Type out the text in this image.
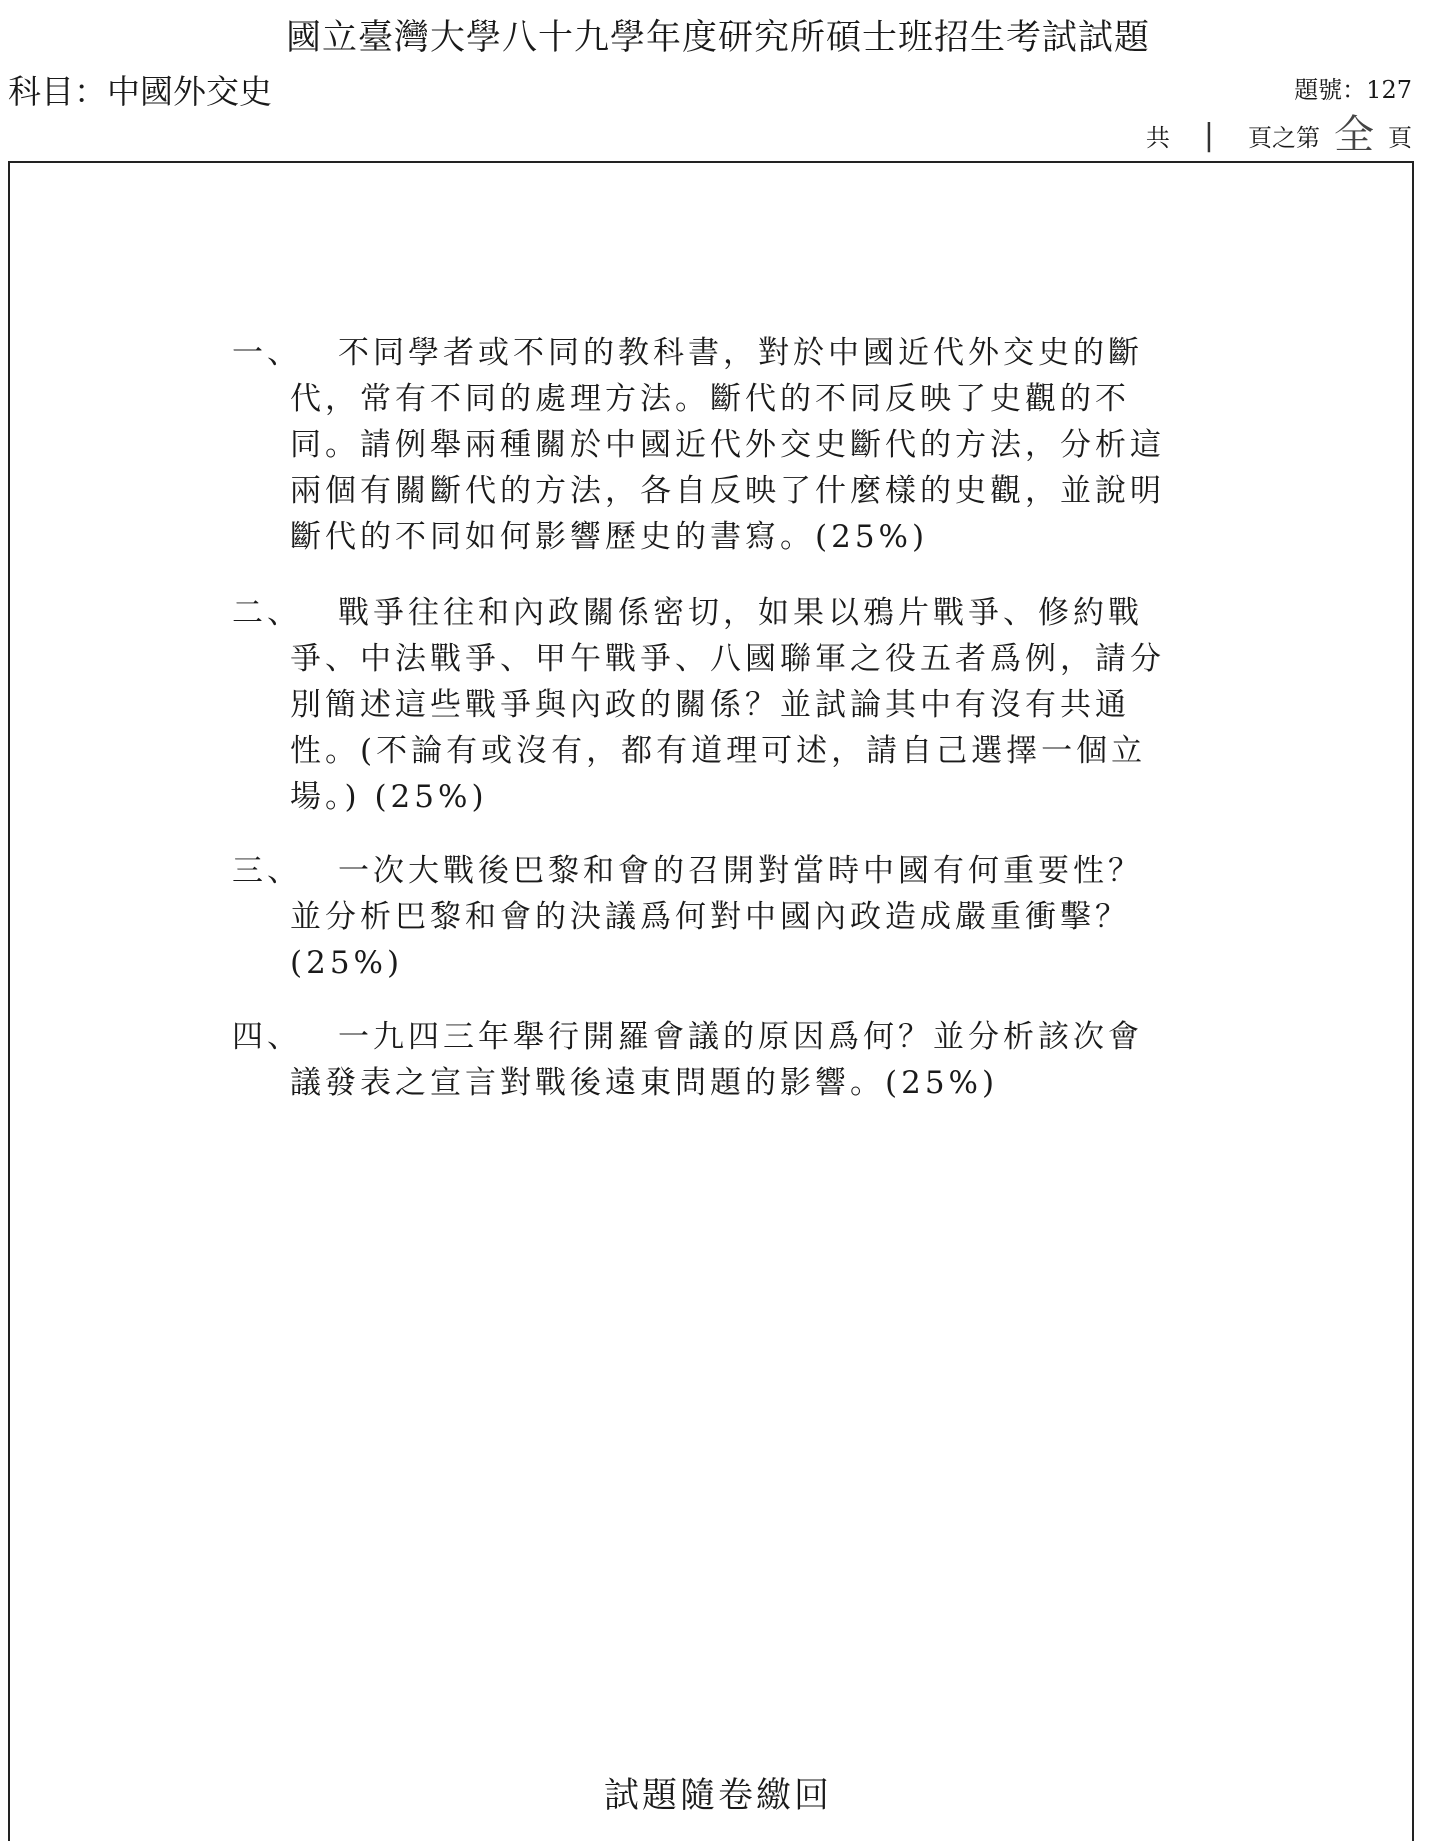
國立臺灣大學八十九學年度研究所碩士班招生考試試題
科目：中國外交史	題號：127
共 | 頁之第 全 頁
一、	不同學者或不同的教科書，對於中國近代外交史的斷代，常有不同的處理方法。斷代的不同反映了史觀的不同。請例舉兩種關於中國近代外交史斷代的方法，分析這兩個有關斷代的方法，各自反映了什麼樣的史觀，並說明斷代的不同如何影響歷史的書寫。(25%)
二、	戰爭往往和內政關係密切，如果以鴉片戰爭、修約戰爭、中法戰爭、甲午戰爭、八國聯軍之役五者爲例，請分別簡述這些戰爭與內政的關係？並試論其中有沒有共通性。(不論有或沒有，都有道理可述，請自己選擇一個立場。) (25%)
三、	一次大戰後巴黎和會的召開對當時中國有何重要性？並分析巴黎和會的決議爲何對中國內政造成嚴重衝擊？ (25%)
四、	一九四三年舉行開羅會議的原因爲何？並分析該次會議發表之宣言對戰後遠東問題的影響。(25%)
試題隨卷繳回
